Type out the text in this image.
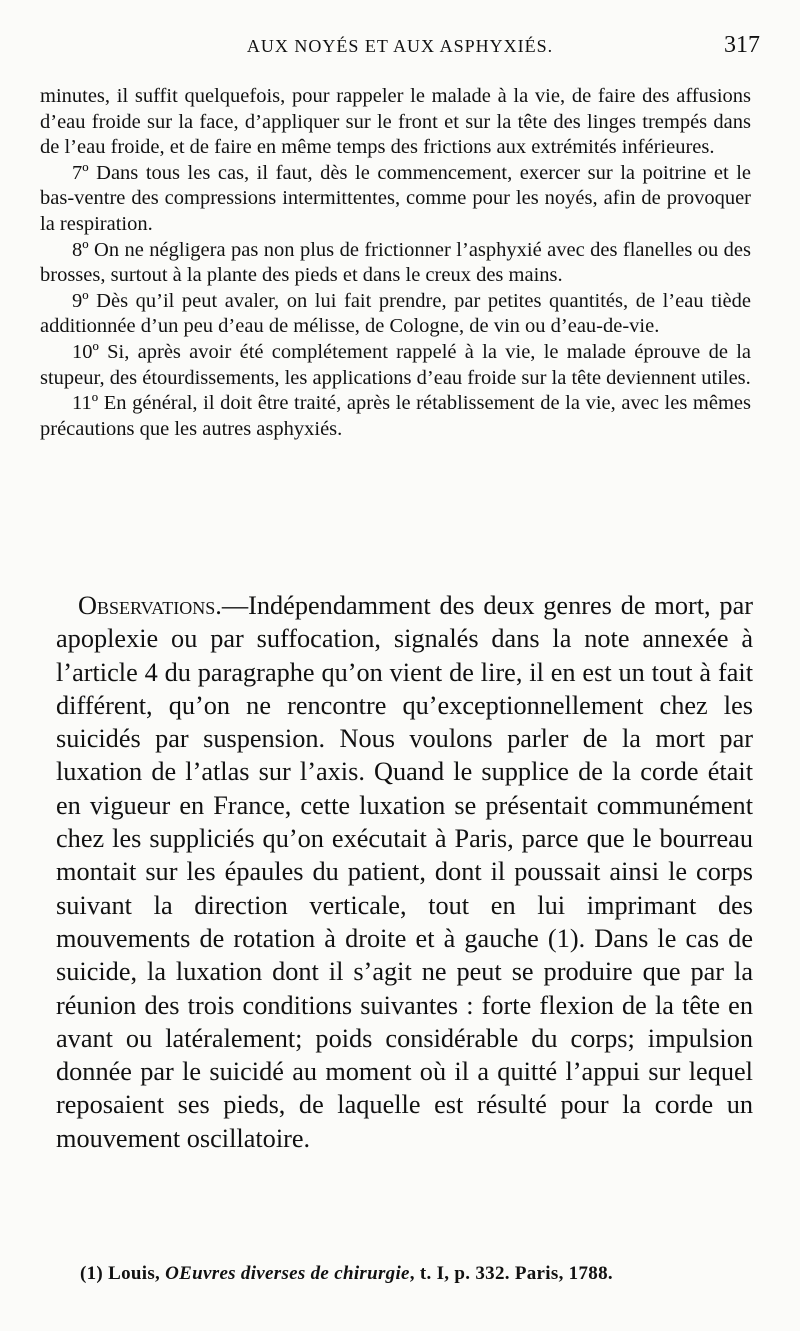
AUX NOYÉS ET AUX ASPHYXIÉS.	317

minutes, il suffit quelquefois, pour rappeler le malade à la vie, de faire des affusions d’eau froide sur la face, d’appliquer sur le front et sur la tête des linges trempés dans de l’eau froide, et de faire en même temps des frictions aux extrémités inférieures.

7º Dans tous les cas, il faut, dès le commencement, exercer sur la poitrine et le bas-ventre des compressions intermittentes, comme pour les noyés, afin de provoquer la respiration.

8º On ne négligera pas non plus de frictionner l’asphyxié avec des flanelles ou des brosses, surtout à la plante des pieds et dans le creux des mains.

9º Dès qu’il peut avaler, on lui fait prendre, par petites quantités, de l’eau tiède additionnée d’un peu d’eau de mélisse, de Cologne, de vin ou d’eau-de-vie.

10º Si, après avoir été complétement rappelé à la vie, le malade éprouve de la stupeur, des étourdissements, les applications d’eau froide sur la tête deviennent utiles.

11º En général, il doit être traité, après le rétablissement de la vie, avec les mêmes précautions que les autres asphyxiés.

Observations.—Indépendamment des deux genres de mort, par apoplexie ou par suffocation, signalés dans la note annexée à l’article 4 du paragraphe qu’on vient de lire, il en est un tout à fait différent, qu’on ne rencontre qu’exceptionnellement chez les suicidés par suspension. Nous voulons parler de la mort par luxation de l’atlas sur l’axis. Quand le supplice de la corde était en vigueur en France, cette luxation se présentait communément chez les suppliciés qu’on exécutait à Paris, parce que le bourreau montait sur les épaules du patient, dont il poussait ainsi le corps suivant la direction verticale, tout en lui imprimant des mouvements de rotation à droite et à gauche (1). Dans le cas de suicide, la luxation dont il s’agit ne peut se produire que par la réunion des trois conditions suivantes : forte flexion de la tête en avant ou latéralement; poids considérable du corps; impulsion donnée par le suicidé au moment où il a quitté l’appui sur lequel reposaient ses pieds, de laquelle est résulté pour la corde un mouvement oscillatoire.

(1) Louis, OEuvres diverses de chirurgie, t. I, p. 332. Paris, 1788.
